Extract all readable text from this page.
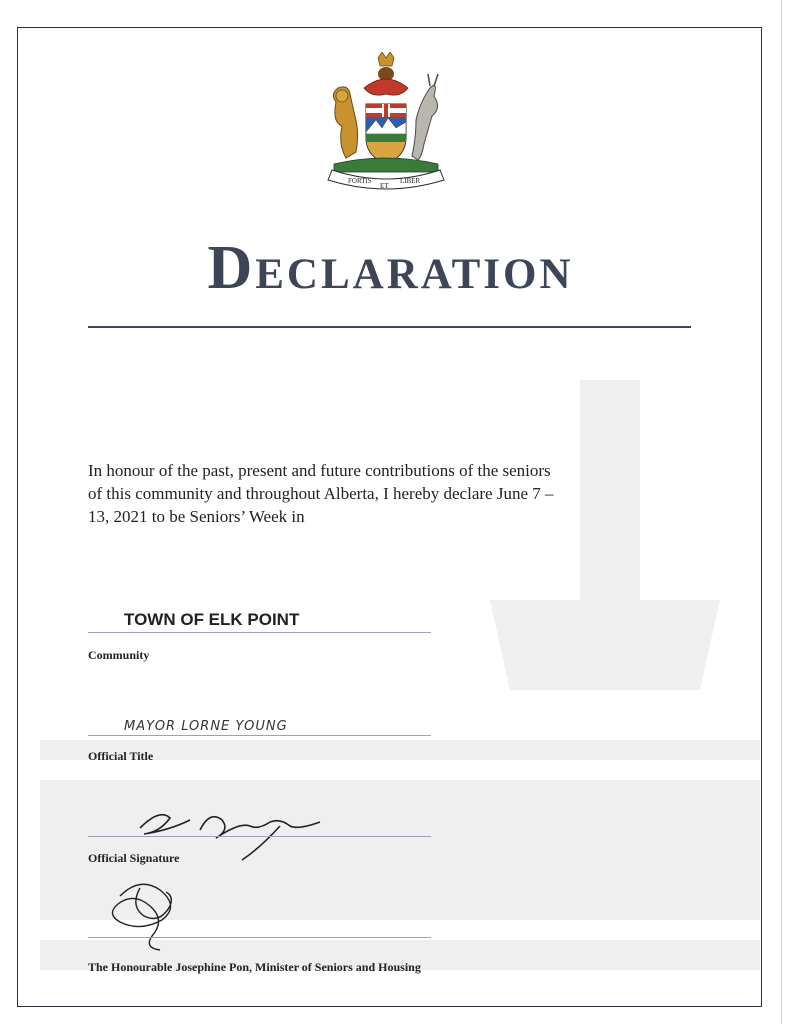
FORTIS
ET
LIBER
Declaration
In honour of the past, present and future contributions of the seniors of this community and throughout Alberta, I hereby declare June 7 – 13, 2021 to be Seniors’ Week in
TOWN OF ELK POINT
Community
MAYOR LORNE YOUNG
Official Title
Official Signature
The Honourable Josephine Pon, Minister of Seniors and Housing
